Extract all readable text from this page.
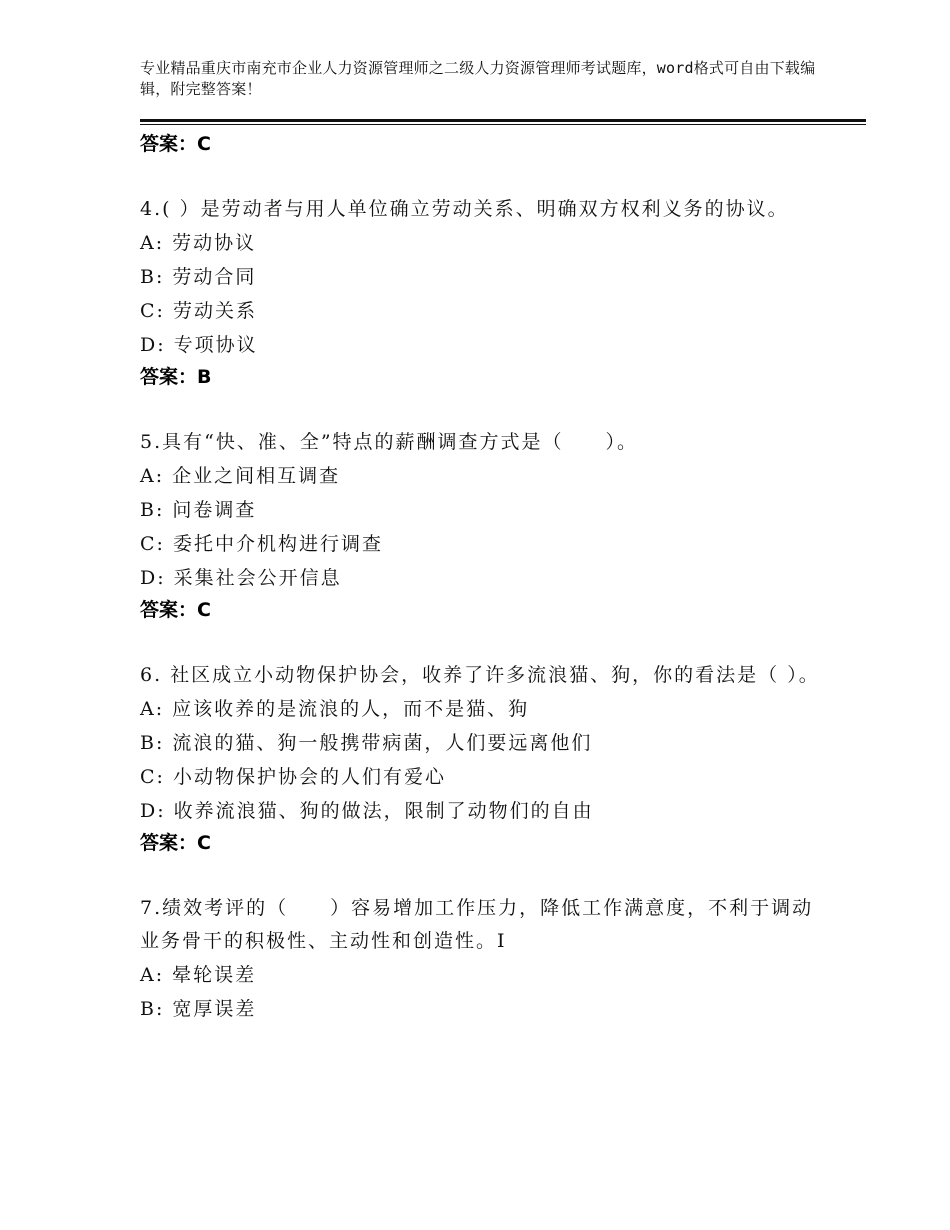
专业精品重庆市南充市企业人力资源管理师之二级人力资源管理师考试题库，word格式可自由下载编辑，附完整答案！
答案：C
4.( ）是劳动者与用人单位确立劳动关系、明确双方权利义务的协议。
A: 劳动协议
B: 劳动合同
C: 劳动关系
D: 专项协议
答案：B
5.具有“快、准、全”特点的薪酬调查方式是（　　）。
A: 企业之间相互调查
B: 问卷调查
C: 委托中介机构进行调查
D: 采集社会公开信息
答案：C
6. 社区成立小动物保护协会，收养了许多流浪猫、狗，你的看法是（ ）。
A: 应该收养的是流浪的人，而不是猫、狗
B: 流浪的猫、狗一般携带病菌，人们要远离他们
C: 小动物保护协会的人们有爱心
D: 收养流浪猫、狗的做法，限制了动物们的自由
答案：C
7.绩效考评的（　　）容易增加工作压力，降低工作满意度，不利于调动业务骨干的积极性、主动性和创造性。I
A: 晕轮误差
B: 宽厚误差
